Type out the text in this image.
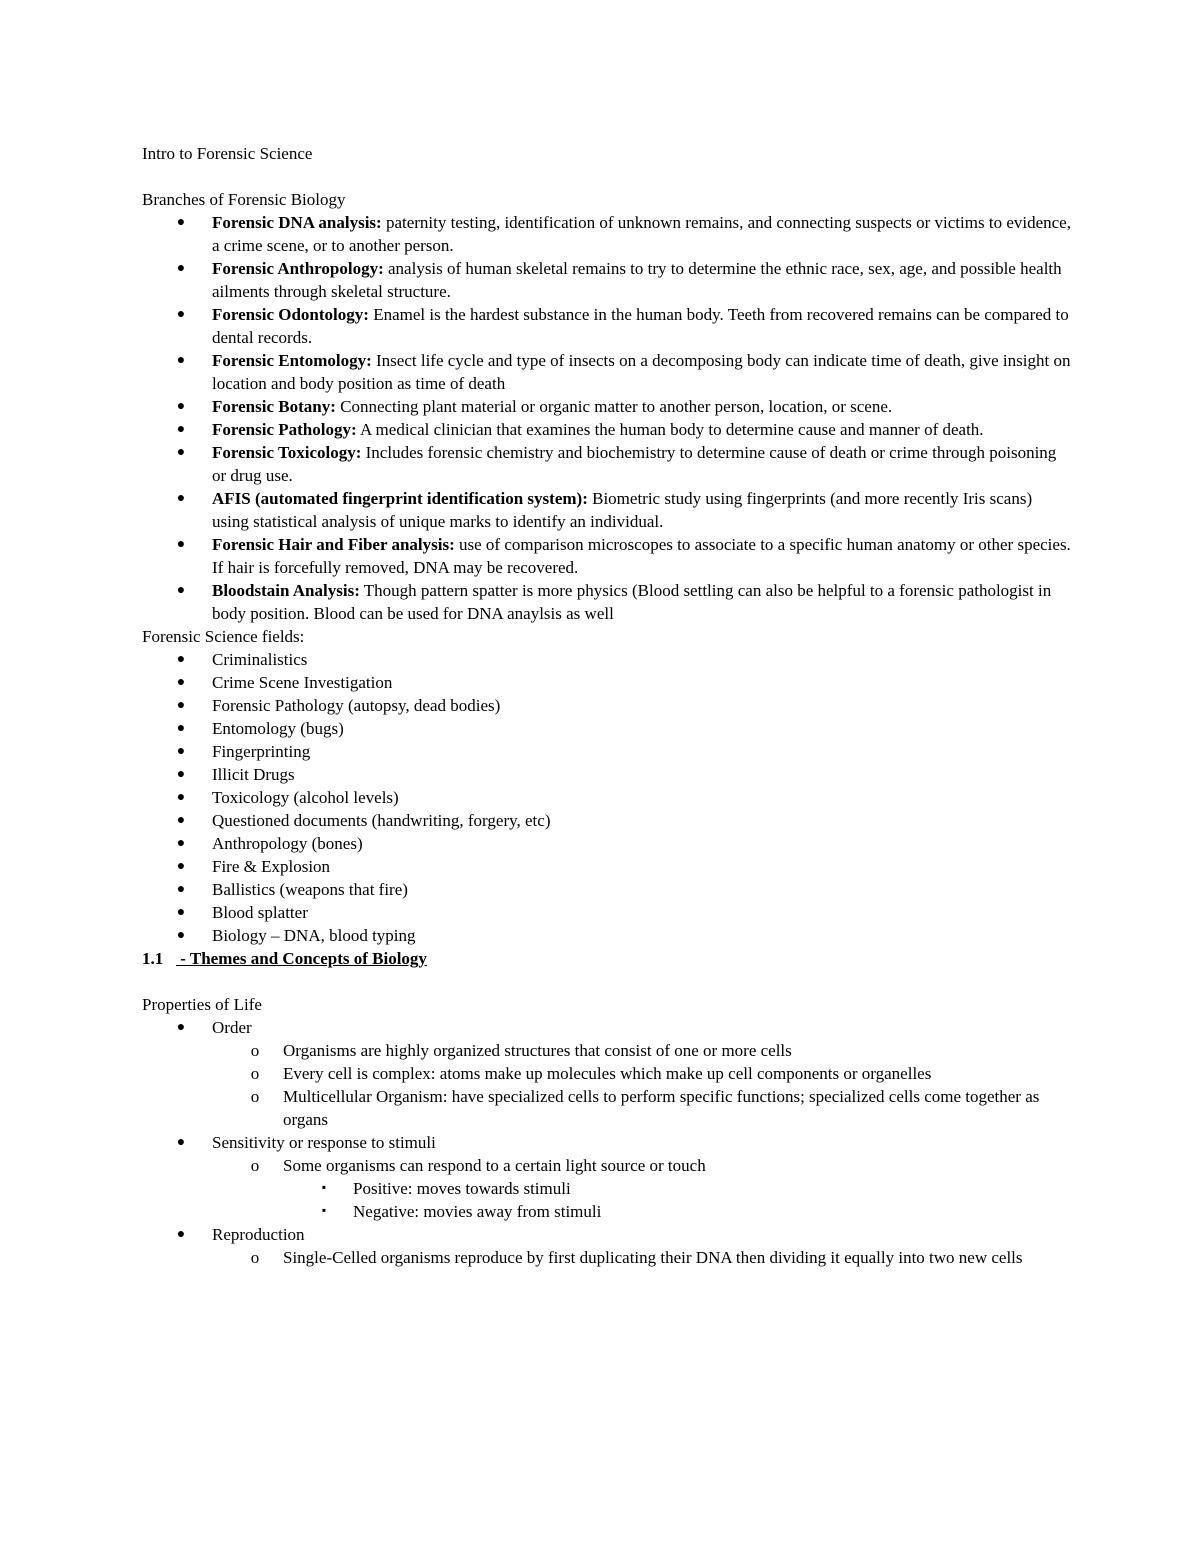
Intro to Forensic Science

Branches of Forensic Biology

● Forensic DNA analysis: paternity testing, identification of unknown remains, and connecting suspects or victims to evidence, a crime scene, or to another person.
● Forensic Anthropology: analysis of human skeletal remains to try to determine the ethnic race, sex, age, and possible health ailments through skeletal structure.
● Forensic Odontology: Enamel is the hardest substance in the human body. Teeth from recovered remains can be compared to dental records.
● Forensic Entomology: Insect life cycle and type of insects on a decomposing body can indicate time of death, give insight on location and body position as time of death
● Forensic Botany: Connecting plant material or organic matter to another person, location, or scene.
● Forensic Pathology: A medical clinician that examines the human body to determine cause and manner of death.
● Forensic Toxicology: Includes forensic chemistry and biochemistry to determine cause of death or crime through poisoning or drug use.
● AFIS (automated fingerprint identification system): Biometric study using fingerprints (and more recently Iris scans) using statistical analysis of unique marks to identify an individual.
● Forensic Hair and Fiber analysis: use of comparison microscopes to associate to a specific human anatomy or other species. If hair is forcefully removed, DNA may be recovered.
● Bloodstain Analysis: Though pattern spatter is more physics (Blood settling can also be helpful to a forensic pathologist in body position. Blood can be used for DNA anaylsis as well

Forensic Science fields:

● Criminalistics
● Crime Scene Investigation
● Forensic Pathology (autopsy, dead bodies)
● Entomology (bugs)
● Fingerprinting
● Illicit Drugs
● Toxicology (alcohol levels)
● Questioned documents (handwriting, forgery, etc)
● Anthropology (bones)
● Fire & Explosion
● Ballistics (weapons that fire)
● Blood splatter
● Biology – DNA, blood typing

1.1 - Themes and Concepts of Biology

Properties of Life

● Order
o Organisms are highly organized structures that consist of one or more cells
o Every cell is complex: atoms make up molecules which make up cell components or organelles
o Multicellular Organism: have specialized cells to perform specific functions; specialized cells come together as organs
● Sensitivity or response to stimuli
o Some organisms can respond to a certain light source or touch
▪ Positive: moves towards stimuli
▪ Negative: movies away from stimuli
● Reproduction
o Single-Celled organisms reproduce by first duplicating their DNA then dividing it equally into two new cells
